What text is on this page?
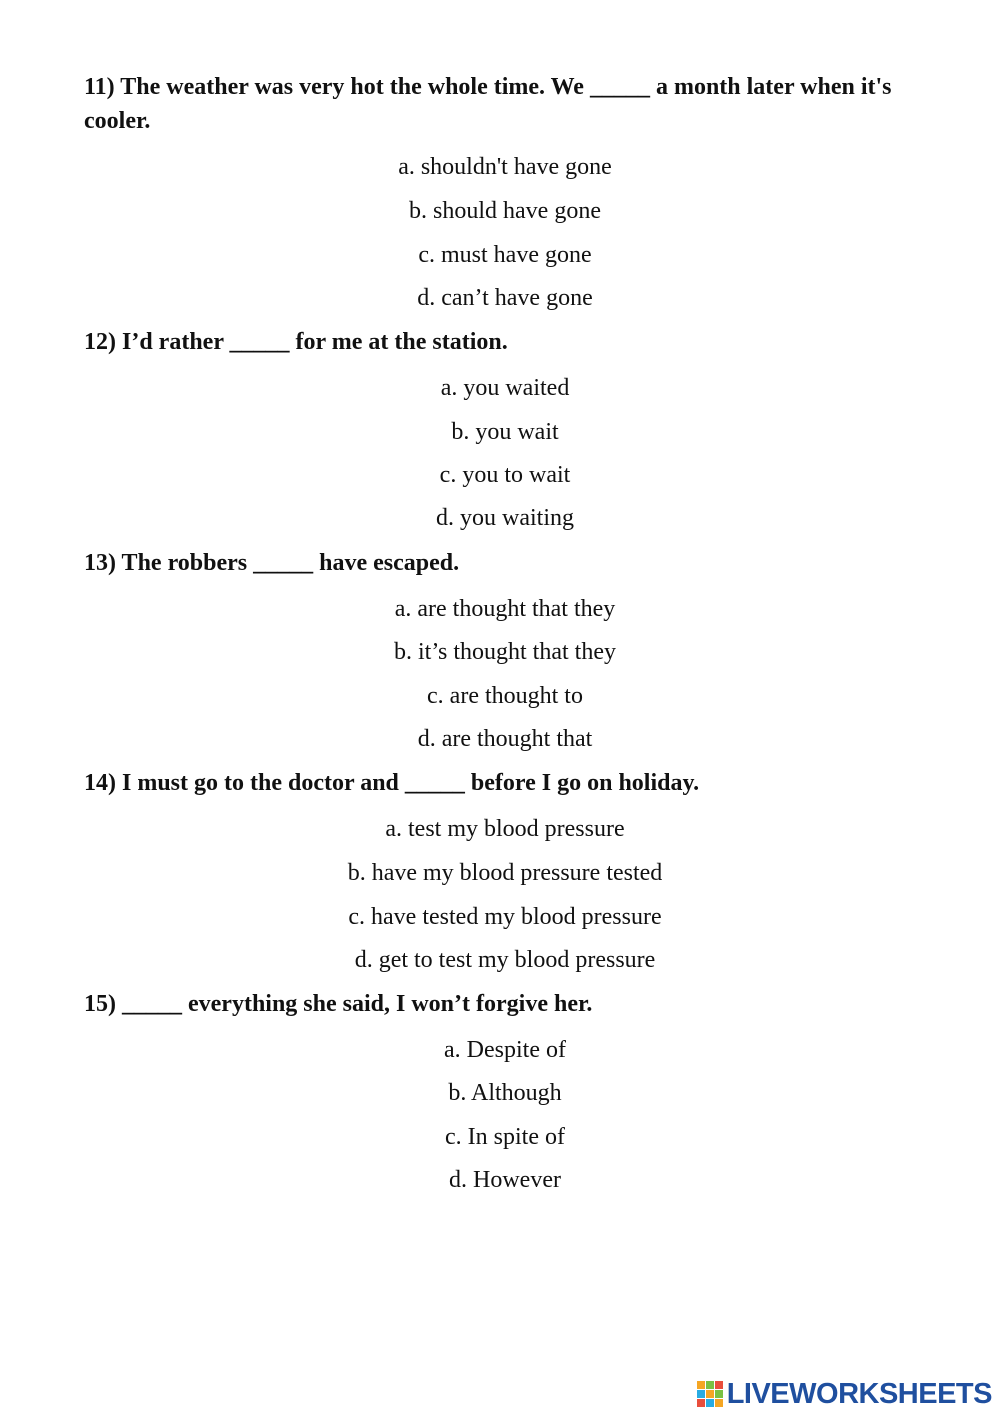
11) The weather was very hot the whole time. We _____ a month later when it's cooler.

a. shouldn't have gone

b. should have gone

c. must have gone

d. can’t have gone

12) I’d rather _____ for me at the station.

a. you waited

b. you wait

c. you to wait

d. you waiting

13) The robbers _____ have escaped.

a. are thought that they

b. it’s thought that they

c. are thought to

d. are thought that

14) I must go to the doctor and _____ before I go on holiday.

a. test my blood pressure

b. have my blood pressure tested

c. have tested my blood pressure

d. get to test my blood pressure

15) _____ everything she said, I won’t forgive her.

a. Despite of

b. Although

c. In spite of

d. However

LIVEWORKSHEETS
